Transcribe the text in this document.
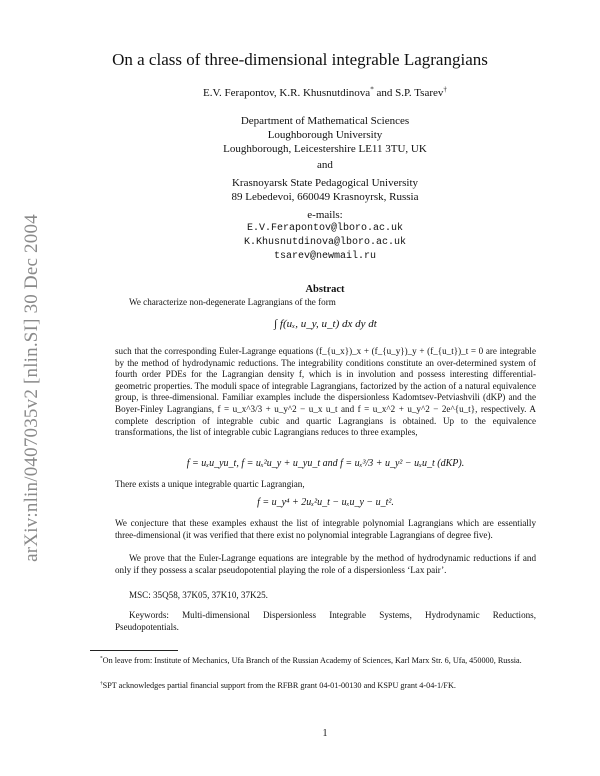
arXiv:nlin/0407035v2 [nlin.SI] 30 Dec 2004
On a class of three-dimensional integrable Lagrangians
E.V. Ferapontov, K.R. Khusnutdinova* and S.P. Tsarev†
Department of Mathematical Sciences
Loughborough University
Loughborough, Leicestershire LE11 3TU, UK
and
Krasnoyarsk State Pedagogical University
89 Lebedevoi, 660049 Krasnoyrsk, Russia
e-mails:
E.V.Ferapontov@lboro.ac.uk
K.Khusnutdinova@lboro.ac.uk
tsarev@newmail.ru
Abstract
We characterize non-degenerate Lagrangians of the form
∫ f(uₓ, u_y, u_t) dx dy dt
such that the corresponding Euler-Lagrange equations (f_{u_x})_x + (f_{u_y})_y + (f_{u_t})_t = 0 are integrable by the method of hydrodynamic reductions. The integrability conditions constitute an over-determined system of fourth order PDEs for the Lagrangian density f, which is in involution and possess interesting differential-geometric properties. The moduli space of integrable Lagrangians, factorized by the action of a natural equivalence group, is three-dimensional. Familiar examples include the dispersionless Kadomtsev-Petviashvili (dKP) and the Boyer-Finley Lagrangians, f = u_x^3/3 + u_y^2 − u_x u_t and f = u_x^2 + u_y^2 − 2e^{u_t}, respectively. A complete description of integrable cubic and quartic Lagrangians is obtained. Up to the equivalence transformations, the list of integrable cubic Lagrangians reduces to three examples,
f = uₓu_yu_t, f = uₓ²u_y + u_yu_t and f = uₓ³/3 + u_y² − uₓu_t (dKP).
There exists a unique integrable quartic Lagrangian,
f = u_y⁴ + 2uₓ²u_t − uₓu_y − u_t².
We conjecture that these examples exhaust the list of integrable polynomial Lagrangians which are essentially three-dimensional (it was verified that there exist no polynomial integrable Lagrangians of degree five).
We prove that the Euler-Lagrange equations are integrable by the method of hydrodynamic reductions if and only if they possess a scalar pseudopotential playing the role of a dispersionless ‘Lax pair’.
MSC: 35Q58, 37K05, 37K10, 37K25.
Keywords: Multi-dimensional Dispersionless Integrable Systems, Hydrodynamic Reductions, Pseudopotentials.
*On leave from: Institute of Mechanics, Ufa Branch of the Russian Academy of Sciences, Karl Marx Str. 6, Ufa, 450000, Russia.
†SPT acknowledges partial financial support from the RFBR grant 04-01-00130 and KSPU grant 4-04-1/FK.
1
